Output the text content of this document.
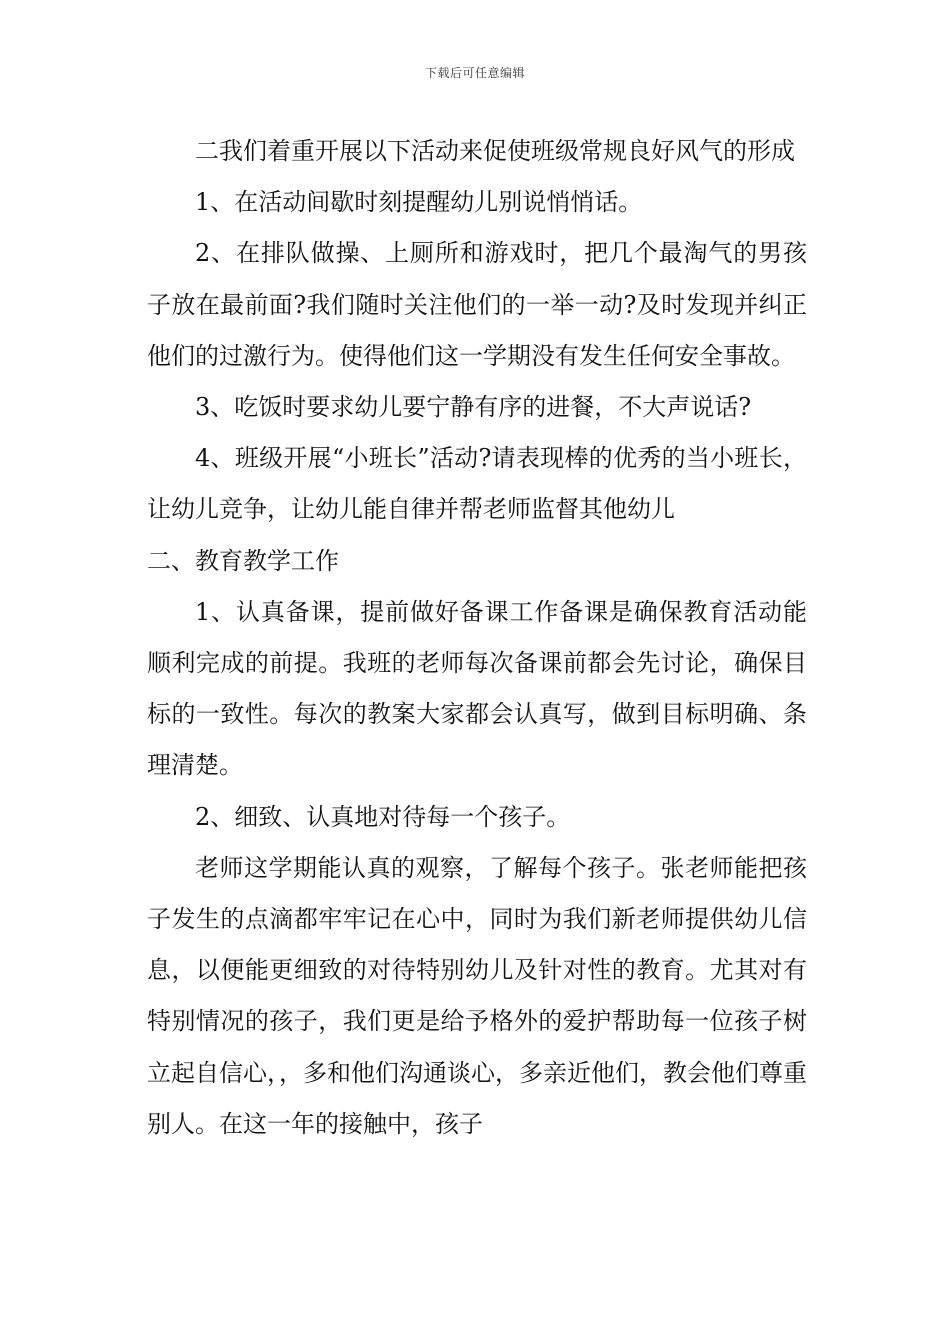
下载后可任意编辑

二我们着重开展以下活动来促使班级常规良好风气的形成

1、在活动间歇时刻提醒幼儿别说悄悄话。

2、在排队做操、上厕所和游戏时，把几个最淘气的男孩子放在最前面?我们随时关注他们的一举一动?及时发现并纠正他们的过激行为。使得他们这一学期没有发生任何安全事故。

3、吃饭时要求幼儿要宁静有序的进餐，不大声说话?

4、班级开展“小班长”活动?请表现棒的优秀的当小班长，让幼儿竞争，让幼儿能自律并帮老师监督其他幼儿

二、教育教学工作

1、认真备课，提前做好备课工作备课是确保教育活动能顺利完成的前提。我班的老师每次备课前都会先讨论，确保目标的一致性。每次的教案大家都会认真写，做到目标明确、条理清楚。

2、细致、认真地对待每一个孩子。

老师这学期能认真的观察，了解每个孩子。张老师能把孩子发生的点滴都牢牢记在心中，同时为我们新老师提供幼儿信息，以便能更细致的对待特别幼儿及针对性的教育。尤其对有特别情况的孩子，我们更是给予格外的爱护帮助每一位孩子树立起自信心，，多和他们沟通谈心，多亲近他们，教会他们尊重别人。在这一年的接触中，孩子
